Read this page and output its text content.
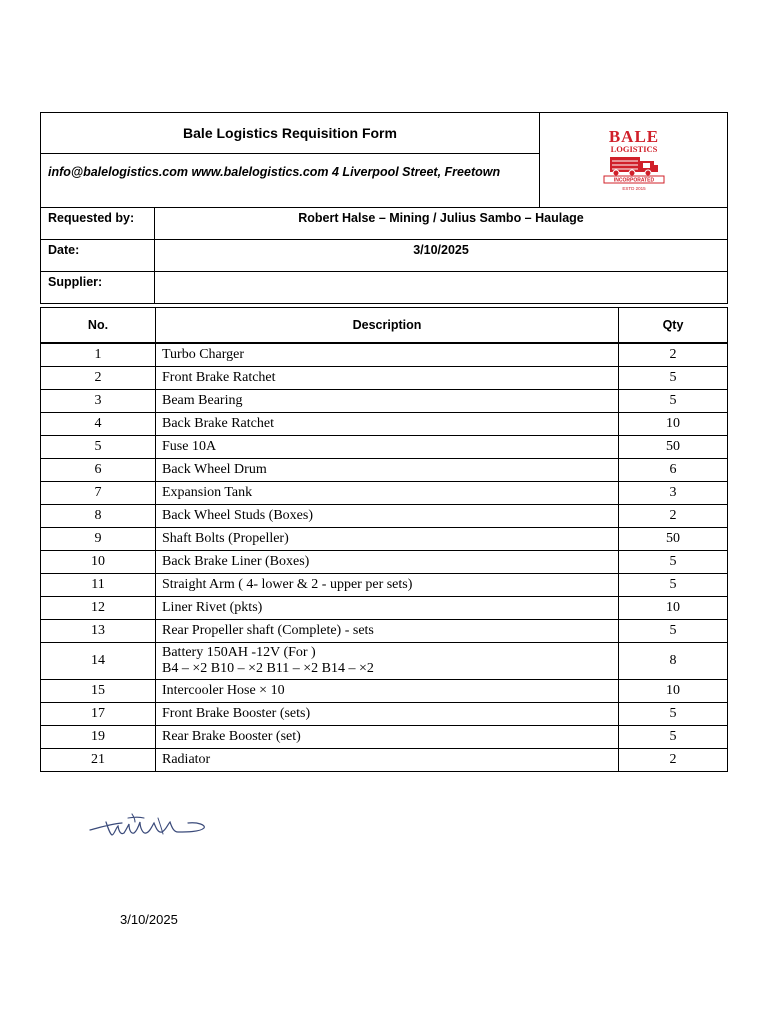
Bale Logistics Requisition Form
info@balelogistics.com www.balelogistics.com 4 Liverpool Street, Freetown
BALE
LOGISTICS
INCORPORATED
ESTD 2015
Requested by:	Robert Halse – Mining / Julius Sambo – Haulage
Date:	3/10/2025
Supplier:	
No.	Description	Qty
1	Turbo Charger	2
2	Front Brake Ratchet	5
3	Beam Bearing	5
4	Back Brake Ratchet	10
5	Fuse 10A	50
6	Back Wheel Drum	6
7	Expansion Tank	3
8	Back Wheel Studs (Boxes)	2
9	Shaft Bolts (Propeller)	50
10	Back Brake Liner (Boxes)	5
11	Straight Arm ( 4- lower & 2 - upper per sets)	5
12	Liner Rivet (pkts)	10
13	Rear Propeller shaft (Complete) - sets	5
14	Battery 150AH -12V (For )
B4 – ×2 B10 – ×2 B11 – ×2 B14 – ×2	8
15	Intercooler Hose × 10	10
17	Front Brake Booster (sets)	5
19	Rear Brake Booster (set)	5
21	Radiator	2
3/10/2025
